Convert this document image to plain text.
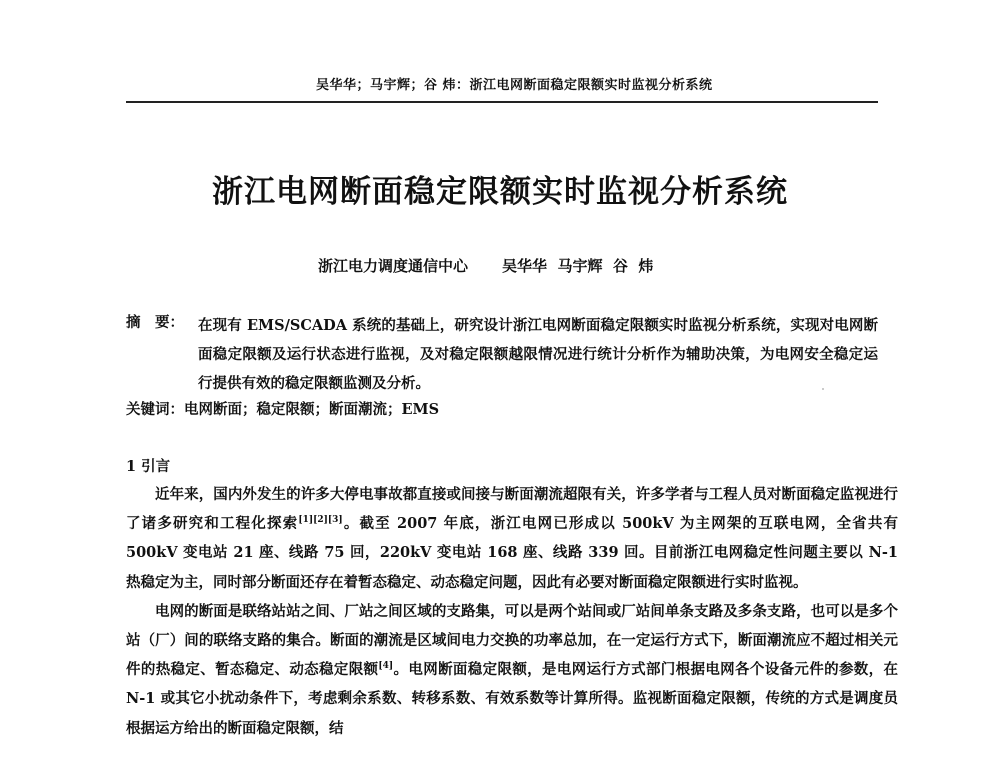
吴华华；马宇辉；谷 炜：浙江电网断面稳定限额实时监视分析系统
浙江电网断面稳定限额实时监视分析系统
浙江电力调度通信中心 吴华华  马宇辉  谷  炜
摘　要： 在现有 EMS/SCADA 系统的基础上，研究设计浙江电网断面稳定限额实时监视分析系统，实现对电网断面稳定限额及运行状态进行监视，及对稳定限额越限情况进行统计分析作为辅助决策，为电网安全稳定运行提供有效的稳定限额监测及分析。
关键词：电网断面；稳定限额；断面潮流；EMS
1 引言

近年来，国内外发生的许多大停电事故都直接或间接与断面潮流超限有关，许多学者与工程人员对断面稳定监视进行了诸多研究和工程化探索[1][2][3]。截至 2007 年底，浙江电网已形成以 500kV 为主网架的互联电网，全省共有 500kV 变电站 21 座、线路 75 回，220kV 变电站 168 座、线路 339 回。目前浙江电网稳定性问题主要以 N-1 热稳定为主，同时部分断面还存在着暂态稳定、动态稳定问题，因此有必要对断面稳定限额进行实时监视。

电网的断面是联络站站之间、厂站之间区域的支路集，可以是两个站间或厂站间单条支路及多条支路，也可以是多个站（厂）间的联络支路的集合。断面的潮流是区域间电力交换的功率总加，在一定运行方式下，断面潮流应不超过相关元件的热稳定、暂态稳定、动态稳定限额[4]。电网断面稳定限额，是电网运行方式部门根据电网各个设备元件的参数，在 N-1 或其它小扰动条件下，考虑剩余系数、转移系数、有效系数等计算所得。监视断面稳定限额，传统的方式是调度员根据运方给出的断面稳定限额，结
